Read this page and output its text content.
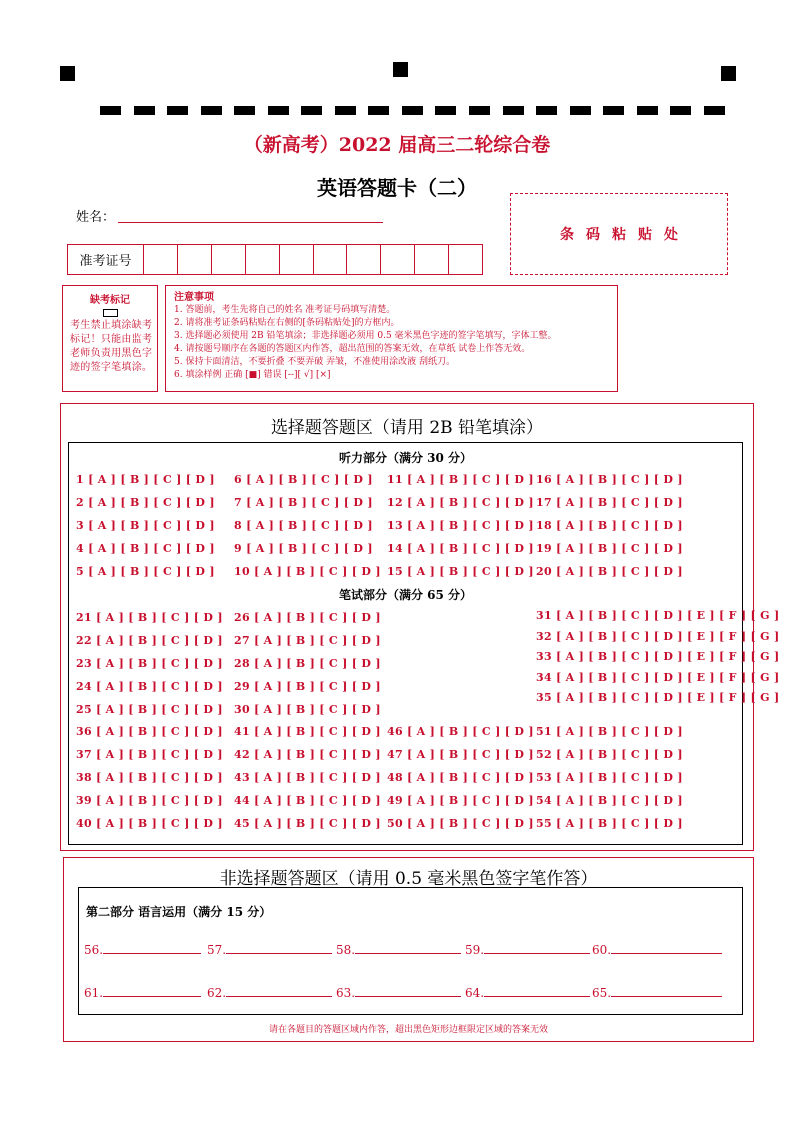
（新高考）2022 届高三二轮综合卷
英语答题卡（二）
姓名：
条码粘贴处
准考证号
缺考标记
考生禁止填涂缺考标记！只能由监考老师负责用黑色字迹的签字笔填涂。
注意事项
1. 答题前，考生先将自己的姓名 准考证号码填写清楚。
2. 请将准考证条码粘贴在右侧的[条码粘贴处]的方框内。
3. 选择题必须使用 2B 铅笔填涂；非选择题必须用 0.5 毫米黑色字迹的签字笔填写，字体工整。
4. 请按题号顺序在各题的答题区内作答，超出范围的答案无效，在草纸 试卷上作答无效。
5. 保持卡面清洁，不要折叠 不要弄破 弄皱，不准使用涂改液 刮纸刀。
6. 填涂样例 正确 [■] 错误 [--][ √] [×]
选择题答题区（请用 2B 铅笔填涂）
听力部分（满分 30 分）
笔试部分（满分 65 分）
1 [ A ] [ B ] [ C ] [ D ]
2 [ A ] [ B ] [ C ] [ D ]
3 [ A ] [ B ] [ C ] [ D ]
4 [ A ] [ B ] [ C ] [ D ]
5 [ A ] [ B ] [ C ] [ D ]
6 [ A ] [ B ] [ C ] [ D ]
7 [ A ] [ B ] [ C ] [ D ]
8 [ A ] [ B ] [ C ] [ D ]
9 [ A ] [ B ] [ C ] [ D ]
10 [ A ] [ B ] [ C ] [ D ]
11 [ A ] [ B ] [ C ] [ D ]
12 [ A ] [ B ] [ C ] [ D ]
13 [ A ] [ B ] [ C ] [ D ]
14 [ A ] [ B ] [ C ] [ D ]
15 [ A ] [ B ] [ C ] [ D ]
16 [ A ] [ B ] [ C ] [ D ]
17 [ A ] [ B ] [ C ] [ D ]
18 [ A ] [ B ] [ C ] [ D ]
19 [ A ] [ B ] [ C ] [ D ]
20 [ A ] [ B ] [ C ] [ D ]
21 [ A ] [ B ] [ C ] [ D ]
22 [ A ] [ B ] [ C ] [ D ]
23 [ A ] [ B ] [ C ] [ D ]
24 [ A ] [ B ] [ C ] [ D ]
25 [ A ] [ B ] [ C ] [ D ]
26 [ A ] [ B ] [ C ] [ D ]
27 [ A ] [ B ] [ C ] [ D ]
28 [ A ] [ B ] [ C ] [ D ]
29 [ A ] [ B ] [ C ] [ D ]
30 [ A ] [ B ] [ C ] [ D ]
31 [ A ] [ B ] [ C ] [ D ] [ E ] [ F ] [ G ]
32 [ A ] [ B ] [ C ] [ D ] [ E ] [ F ] [ G ]
33 [ A ] [ B ] [ C ] [ D ] [ E ] [ F ] [ G ]
34 [ A ] [ B ] [ C ] [ D ] [ E ] [ F ] [ G ]
35 [ A ] [ B ] [ C ] [ D ] [ E ] [ F ] [ G ]
36 [ A ] [ B ] [ C ] [ D ]
37 [ A ] [ B ] [ C ] [ D ]
38 [ A ] [ B ] [ C ] [ D ]
39 [ A ] [ B ] [ C ] [ D ]
40 [ A ] [ B ] [ C ] [ D ]
41 [ A ] [ B ] [ C ] [ D ]
42 [ A ] [ B ] [ C ] [ D ]
43 [ A ] [ B ] [ C ] [ D ]
44 [ A ] [ B ] [ C ] [ D ]
45 [ A ] [ B ] [ C ] [ D ]
46 [ A ] [ B ] [ C ] [ D ]
47 [ A ] [ B ] [ C ] [ D ]
48 [ A ] [ B ] [ C ] [ D ]
49 [ A ] [ B ] [ C ] [ D ]
50 [ A ] [ B ] [ C ] [ D ]
51 [ A ] [ B ] [ C ] [ D ]
52 [ A ] [ B ] [ C ] [ D ]
53 [ A ] [ B ] [ C ] [ D ]
54 [ A ] [ B ] [ C ] [ D ]
55 [ A ] [ B ] [ C ] [ D ]
非选择题答题区（请用 0.5 毫米黑色签字笔作答）
第二部分 语言运用（满分 15 分）
56.	57.	58.	59.	60.
61.	62.	63.	64.	65.
请在各题目的答题区域内作答，超出黑色矩形边框限定区域的答案无效
